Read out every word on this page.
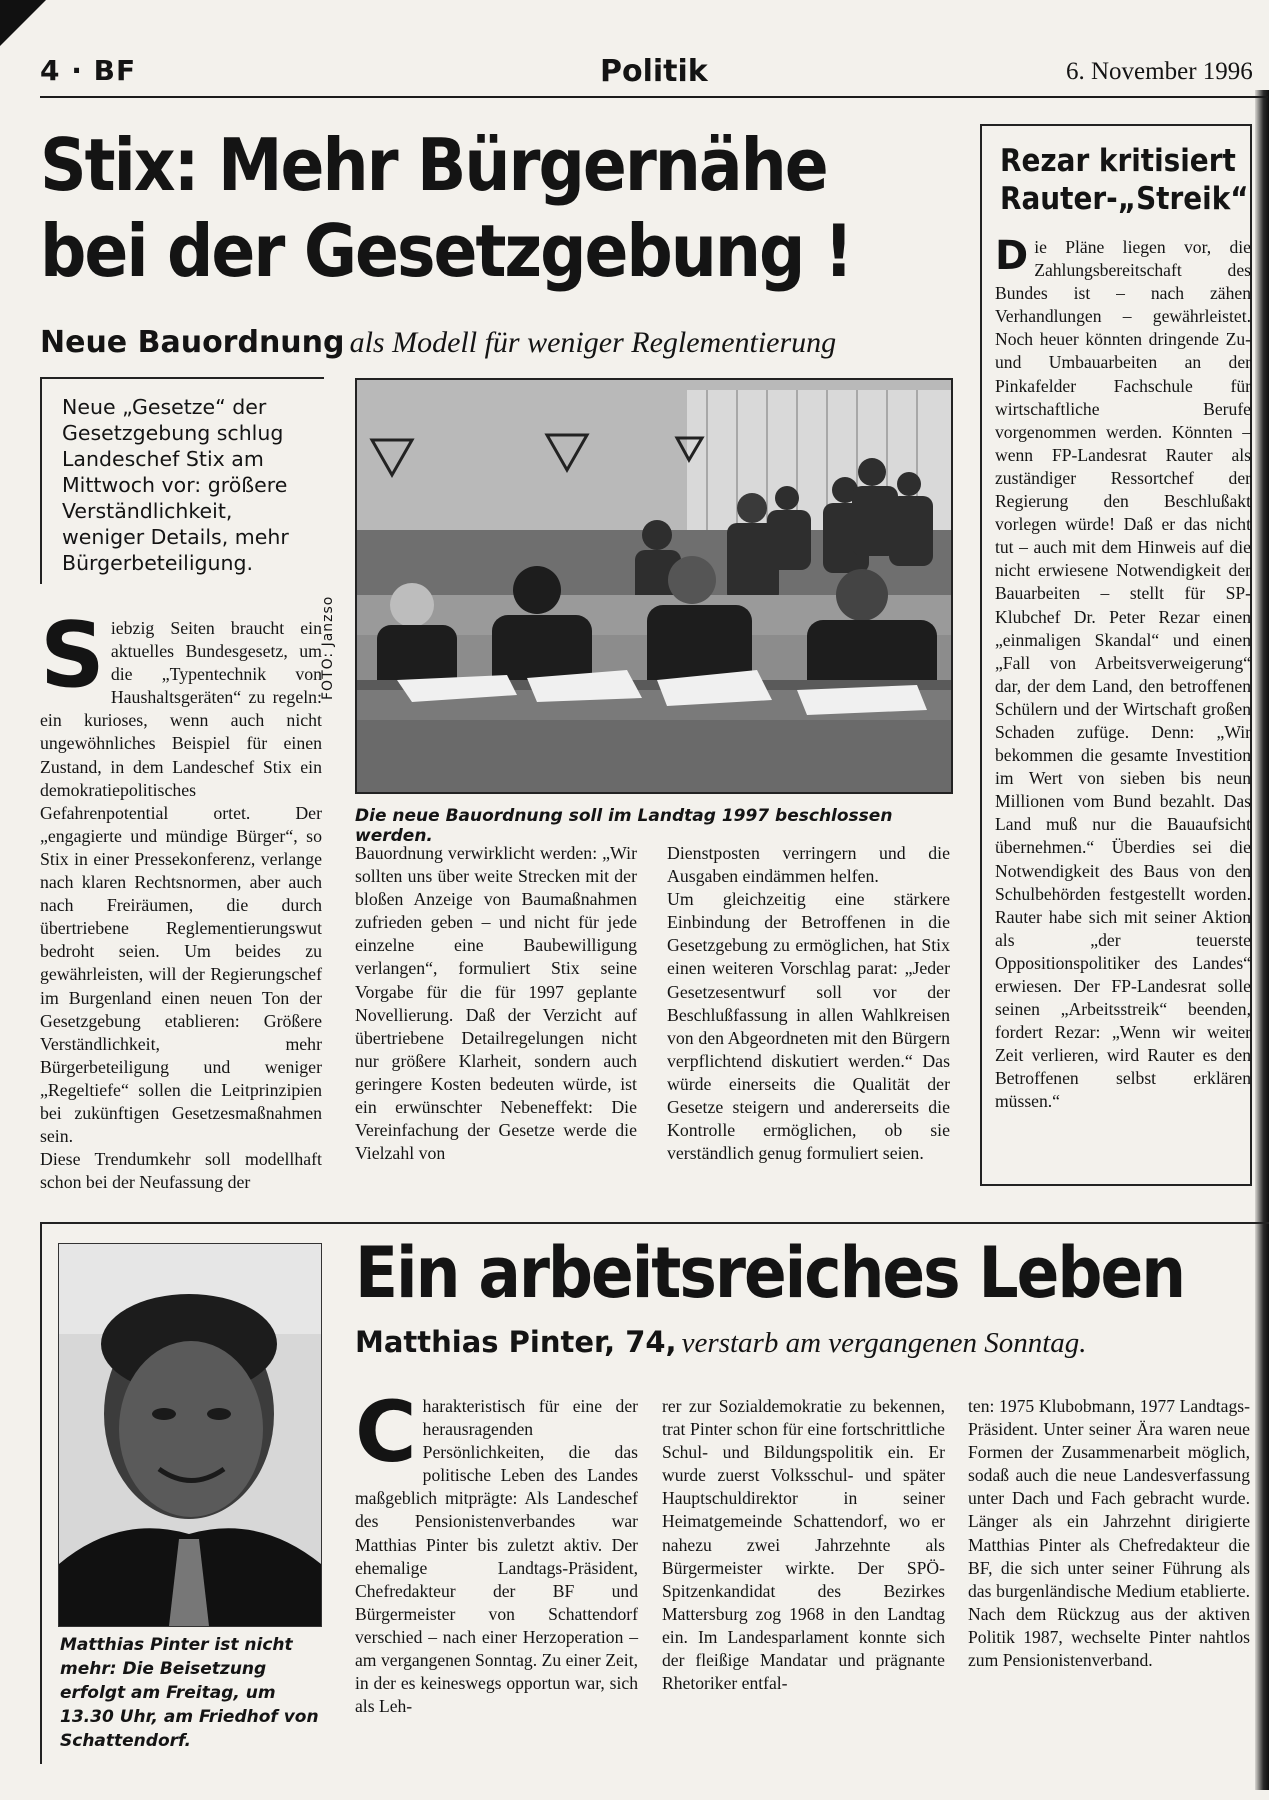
4 · BF	Politik	6. November 1996
Stix: Mehr Bürgernähe
bei der Gesetzgebung !
Neue Bauordnung als Modell für weniger Reglementierung

Neue „Gesetze“ der Gesetzgebung schlug Landeschef Stix am Mittwoch vor: größere Verständlichkeit, weniger Details, mehr Bürgerbeteiligung.

FOTO: Janzso

Die neue Bauordnung soll im Landtag 1997 beschlossen werden.

Siebzig Seiten braucht ein aktuelles Bundesgesetz, um die „Typentechnik von Haushaltsgeräten“ zu regeln: ein kurioses, wenn auch nicht ungewöhnliches Beispiel für einen Zustand, in dem Landeschef Stix ein demokratiepolitisches Gefahrenpotential ortet. Der „engagierte und mündige Bürger“, so Stix in einer Pressekonferenz, verlange nach klaren Rechtsnormen, aber auch nach Freiräumen, die durch übertriebene Reglementierungswut bedroht seien. Um beides zu gewährleisten, will der Regierungschef im Burgenland einen neuen Ton der Gesetzgebung etablieren: Größere Verständlichkeit, mehr Bürgerbeteiligung und weniger „Regeltiefe“ sollen die Leitprinzipien bei zukünftigen Gesetzesmaßnahmen sein.

Diese Trendumkehr soll modellhaft schon bei der Neufassung der

Bauordnung verwirklicht werden: „Wir sollten uns über weite Strecken mit der bloßen Anzeige von Baumaßnahmen zufrieden geben – und nicht für jede einzelne eine Baubewilligung verlangen“, formuliert Stix seine Vorgabe für die für 1997 geplante Novellierung. Daß der Verzicht auf übertriebene Detailregelungen nicht nur größere Klarheit, sondern auch geringere Kosten bedeuten würde, ist ein erwünschter Nebeneffekt: Die Vereinfachung der Gesetze werde die Vielzahl von

Dienstposten verringern und die Ausgaben eindämmen helfen.

Um gleichzeitig eine stärkere Einbindung der Betroffenen in die Gesetzgebung zu ermöglichen, hat Stix einen weiteren Vorschlag parat: „Jeder Gesetzesentwurf soll vor der Beschlußfassung in allen Wahlkreisen von den Abgeordneten mit den Bürgern verpflichtend diskutiert werden.“ Das würde einerseits die Qualität der Gesetze steigern und andererseits die Kontrolle ermöglichen, ob sie verständlich genug formuliert seien.

Rezar kritisiert Rauter-„Streik“

Die Pläne liegen vor, die Zahlungsbereitschaft des Bundes ist – nach zähen Verhandlungen – gewährleistet. Noch heuer könnten dringende Zu- und Umbauarbeiten an der Pinkafelder Fachschule für wirtschaftliche Berufe vorgenommen werden. Könnten – wenn FP-Landesrat Rauter als zuständiger Ressortchef der Regierung den Beschlußakt vorlegen würde! Daß er das nicht tut – auch mit dem Hinweis auf die nicht erwiesene Notwendigkeit der Bauarbeiten – stellt für SP-Klubchef Dr. Peter Rezar einen „einmaligen Skandal“ und einen „Fall von Arbeitsverweigerung“ dar, der dem Land, den betroffenen Schülern und der Wirtschaft großen Schaden zufüge. Denn: „Wir bekommen die gesamte Investition im Wert von sieben bis neun Millionen vom Bund bezahlt. Das Land muß nur die Bauaufsicht übernehmen.“ Überdies sei die Notwendigkeit des Baus von den Schulbehörden festgestellt worden. Rauter habe sich mit seiner Aktion als „der teuerste Oppositionspolitiker des Landes“ erwiesen. Der FP-Landesrat solle seinen „Arbeitsstreik“ beenden, fordert Rezar: „Wenn wir weiter Zeit verlieren, wird Rauter es den Betroffenen selbst erklären müssen.“

Matthias Pinter ist nicht mehr: Die Beisetzung erfolgt am Freitag, um 13.30 Uhr, am Friedhof von Schattendorf.

Ein arbeitsreiches Leben
Matthias Pinter, 74, verstarb am vergangenen Sonntag.

Charakteristisch für eine der herausragenden Persönlichkeiten, die das politische Leben des Landes maßgeblich mitprägte: Als Landeschef des Pensionistenverbandes war Matthias Pinter bis zuletzt aktiv. Der ehemalige Landtags-Präsident, Chefredakteur der BF und Bürgermeister von Schattendorf verschied – nach einer Herzoperation – am vergangenen Sonntag. Zu einer Zeit, in der es keineswegs opportun war, sich als Leh-

rer zur Sozialdemokratie zu bekennen, trat Pinter schon für eine fortschrittliche Schul- und Bildungspolitik ein. Er wurde zuerst Volksschul- und später Hauptschuldirektor in seiner Heimatgemeinde Schattendorf, wo er nahezu zwei Jahrzehnte als Bürgermeister wirkte. Der SPÖ-Spitzenkandidat des Bezirkes Mattersburg zog 1968 in den Landtag ein. Im Landesparlament konnte sich der fleißige Mandatar und prägnante Rhetoriker entfal-

ten: 1975 Klubobmann, 1977 Landtags-Präsident. Unter seiner Ära waren neue Formen der Zusammenarbeit möglich, sodaß auch die neue Landesverfassung unter Dach und Fach gebracht wurde. Länger als ein Jahrzehnt dirigierte Matthias Pinter als Chefredakteur die BF, die sich unter seiner Führung als das burgenländische Medium etablierte. Nach dem Rückzug aus der aktiven Politik 1987, wechselte Pinter nahtlos zum Pensionistenverband.
